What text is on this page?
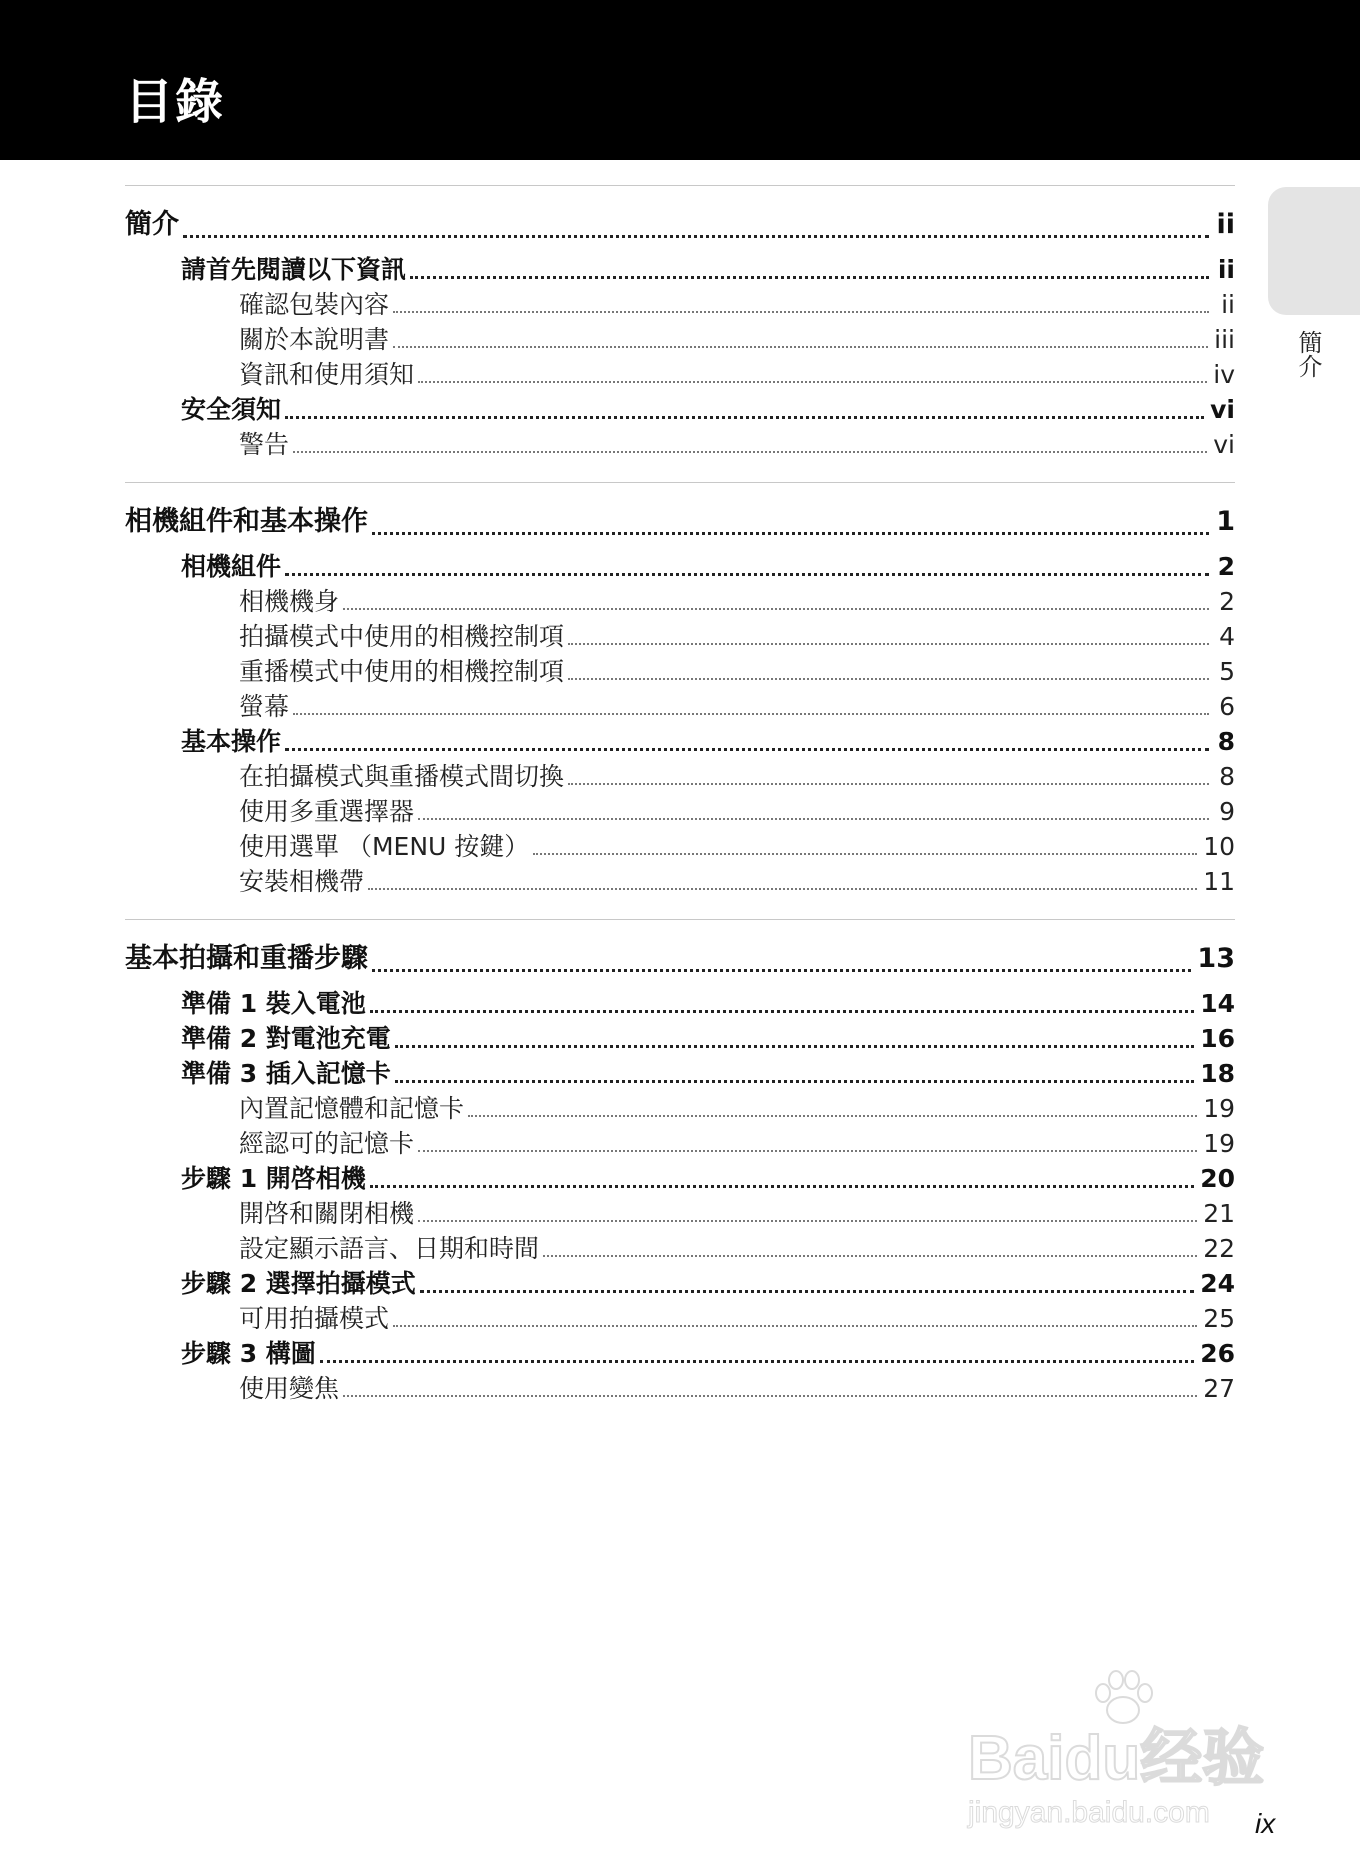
目錄
簡介
簡介	ii
請首先閱讀以下資訊	ii
確認包裝內容	ii
關於本說明書	iii
資訊和使用須知	iv
安全須知	vi
警告	vi
相機組件和基本操作	1
相機組件	2
相機機身	2
拍攝模式中使用的相機控制項	4
重播模式中使用的相機控制項	5
螢幕	6
基本操作	8
在拍攝模式與重播模式間切換	8
使用多重選擇器	9
使用選單 （MENU 按鍵）	10
安裝相機帶	11
基本拍攝和重播步驟	13
準備 1 裝入電池	14
準備 2 對電池充電	16
準備 3 插入記憶卡	18
內置記憶體和記憶卡	19
經認可的記憶卡	19
步驟 1 開啓相機	20
開啓和關閉相機	21
設定顯示語言、日期和時間	22
步驟 2 選擇拍攝模式	24
可用拍攝模式	25
步驟 3 構圖	26
使用變焦	27
Baidu经验
jingyan.baidu.com ix
